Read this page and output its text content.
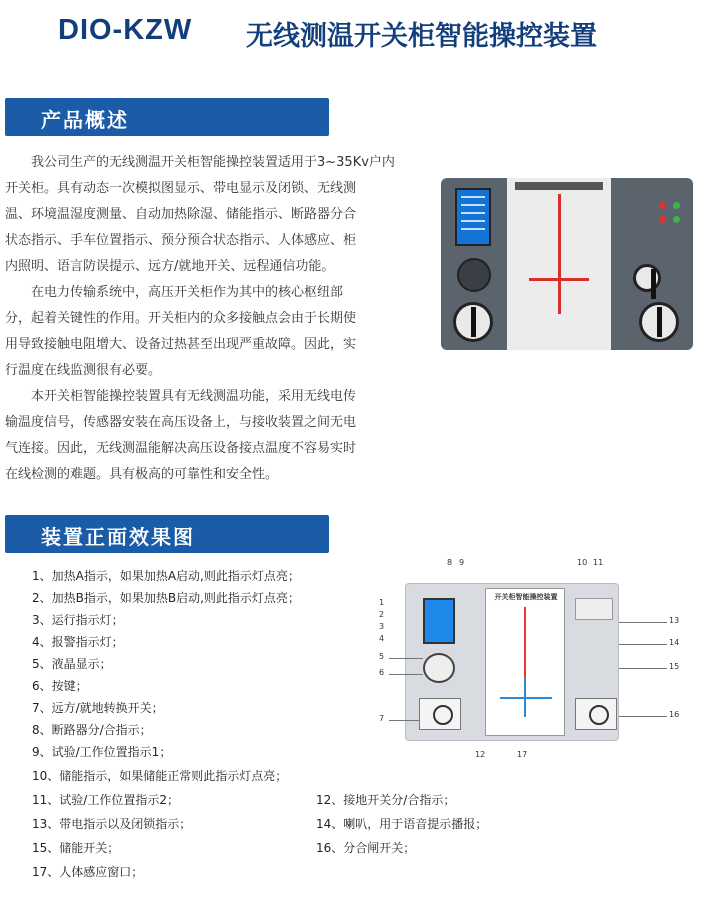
DIO-KZW 无线测温开关柜智能操控装置
产品概述
我公司生产的无线测温开关柜智能操控装置适用于3~35Kv户内
开关柜。具有动态一次模拟图显示、带电显示及闭锁、无线测
温、环境温湿度测量、自动加热除湿、储能指示、断路器分合
状态指示、手车位置指示、预分预合状态指示、人体感应、柜
内照明、语言防误提示、远方/就地开关、远程通信功能。
在电力传输系统中，高压开关柜作为其中的核心枢纽部
分，起着关键性的作用。开关柜内的众多接触点会由于长期使
用导致接触电阻增大、设备过热甚至出现严重故障。因此，实
行温度在线监测很有必要。
本开关柜智能操控装置具有无线测温功能，采用无线电传
输温度信号，传感器安装在高压设备上，与接收装置之间无电
气连接。因此，无线测温能解决高压设备接点温度不容易实时
在线检测的难题。具有极高的可靠性和安全性。
装置正面效果图
开关柜智能操控装置
1
2
3
4
5
6
7
8 9	10 11
12
13
14
15
16
17
1、加热A指示，如果加热A启动,则此指示灯点亮；
2、加热B指示，如果加热B启动,则此指示灯点亮；
3、运行指示灯；
4、报警指示灯；
5、液晶显示；
6、按键；
7、远方/就地转换开关；
8、断路器分/合指示；
9、试验/工作位置指示1；
10、储能指示，如果储能正常则此指示灯点亮；
11、试验/工作位置指示2；	12、接地开关分/合指示；
13、带电指示以及闭锁指示；	14、喇叭，用于语音提示播报；
15、储能开关；	16、分合闸开关；
17、人体感应窗口；
